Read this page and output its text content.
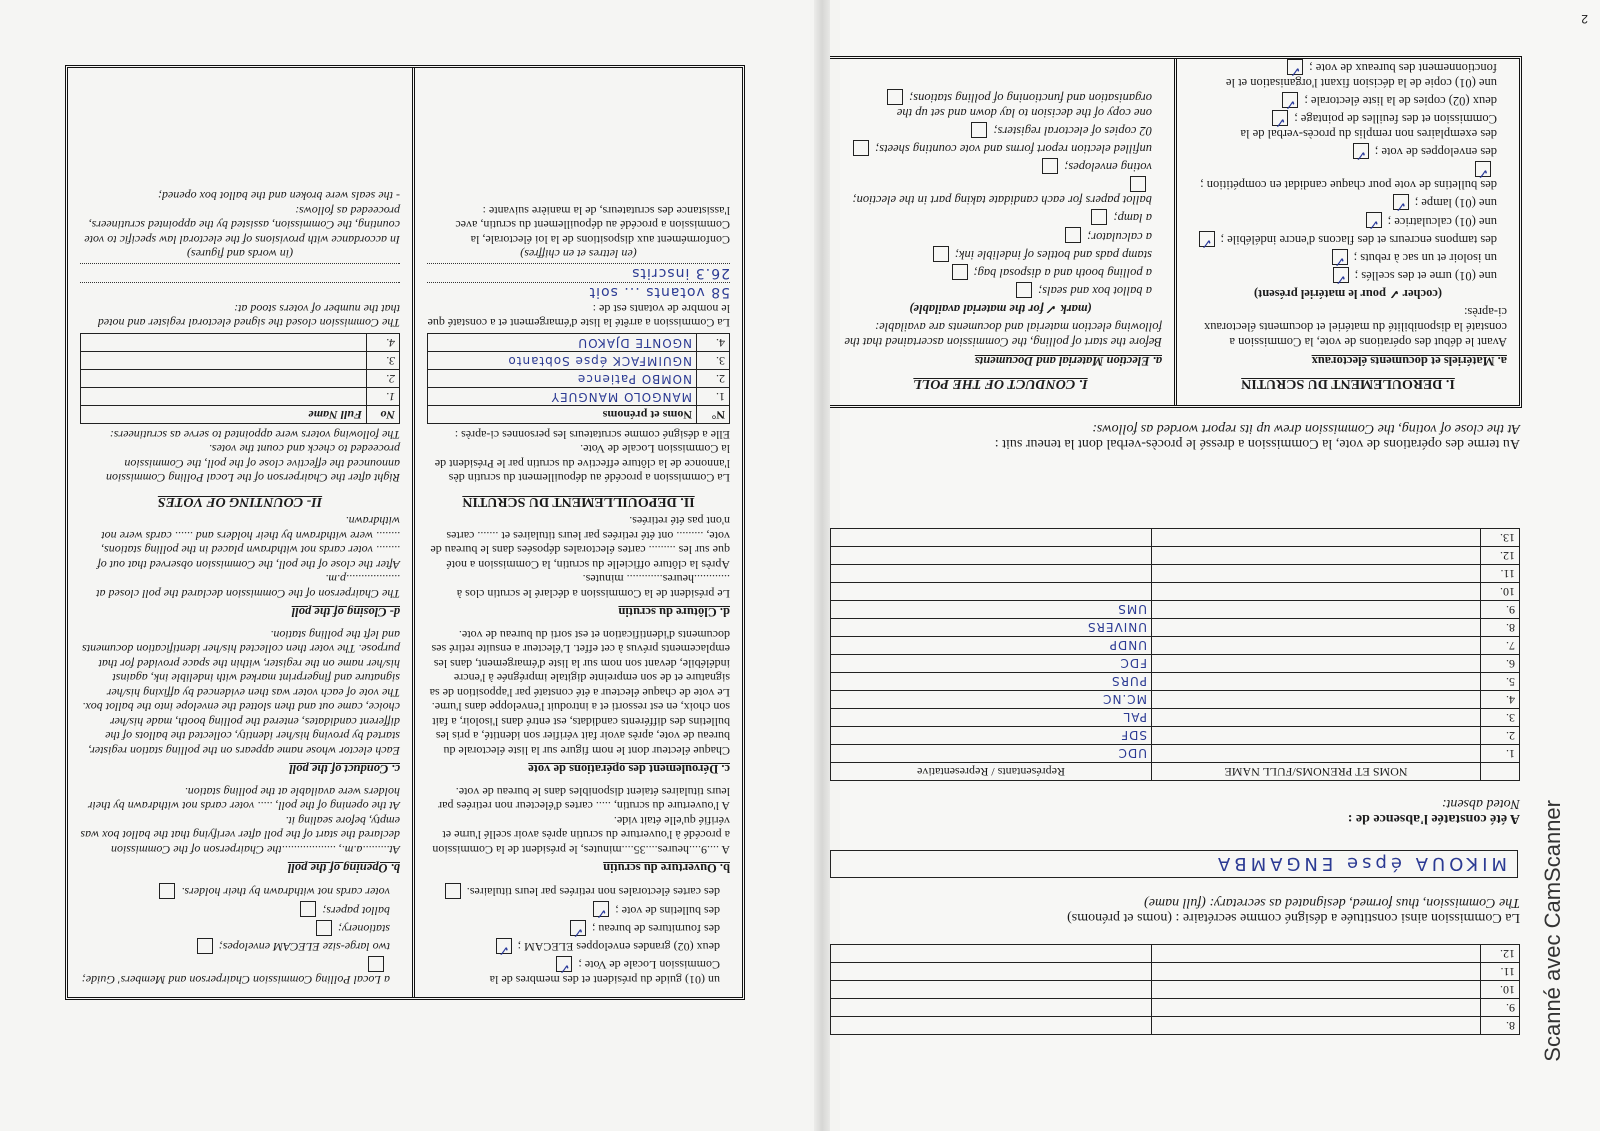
2
I. DEROULEMENT DU SCRUTIN
a. Matériels et documents électoraux
Avant le début des opérations de vote, la Commission a constaté la disponibilité du matériel et documents électoraux ci-après:
(cocher ✓ pour le matériel présent)
une (01) urne et des scellés ;✓
un isoloir et un sac à rebuts ;✓
des tampons encreurs et des flacons d'encre indélébile ;✓
une (01) calculatrice ;✓
une (01) lampe ;✓
des bulletins de vote pour chaque candidat en compétition ;✓
des enveloppes de vote ;✓
des exemplaires non remplis du procès-verbal de la Commission et des feuilles de pointage ;✓
deux (02) copies de la liste électorale ;✓
une (01) copie de la décision fixant l'organisation et le fonctionnement des bureaux de vote ;✓
I. CONDUCT OF THE POLL
a. Election Material and Documents
Before the start of polling, the Commission ascertained that the following election material and documents are available:
(mark ✓ for the material available)
a ballot box and seals;
a polling booth and a disposal bag;
stamp pads and bottles of indelible ink;
a calculator;
a lamp;
ballot papers for each candidate taking part in the election;
voting envelopes;
unfilled election report forms and vote counting sheets;
02 copies of electoral registers;
one copy of the decision to lay down and set up the organisation and functioning of polling stations;
Au terme des opérations de vote, la Commission a dressé le procès-verbal dont la teneur suit :
At the close of voting, the Commission drew up its report worded as follows:
	NOMS ET PRENOMS/FULL NAME	Représentants / Representative
1.		UDC
2.		SDF
3.		PAL
4.		MC.NC
5.		PURS
6.		FDC
7.		UNDP
8.		UNIVERS
9.		UMS
10.		
11.		
12.		
13.		
A été constatée l'absence de :
Noted absent:
MIKOUA épse ENGAMBA
La Commission ainsi constituée a désigné comme secrétaire : (noms et prénoms)
The Commission, thus formed, designated as secretary: (full name)
8.		
9.		
10.		
11.		
12.		
un (01) guide du président et des membres de la Commission Locale de Vote ;✓
deux (02) grandes enveloppes ELECAM ;✓
des fournitures de bureau ;✓
des bulletins de vote ;✓
des cartes électorales non retirées par leurs titulaires.
b. Ouverture du scrutin
A ....9....heures....35....minutes, le président de la Commission a procédé à l'ouverture du scrutin après avoir scellé l'urne et vérifié qu'elle était vide.
A l'ouverture du scrutin, ..... cartes d'électeur non retirées par leurs titulaires étaient disponibles dans le bureau de vote.
c. Déroulement des opérations de vote
Chaque électeur dont le nom figure sur la liste électorale du bureau de vote, après avoir fait vérifier son identité, a pris les bulletins des différents candidats, est entré dans l'isoloir, a fait son choix, en est ressorti et a introduit l'enveloppe dans l'urne.
Le vote de chaque électeur a été constaté par l'apposition de sa signature et de son empreinte digitale imprégnée à l'encre indélébile, devant son nom sur la liste d'émargement, dans les emplacements prévus à cet effet. L'électeur a ensuite retiré ses documents d'identification et est sorti du bureau de vote.
d. Clôture du scrutin
Le président de la Commission a déclaré le scrutin clos à ............heures............ minutes.
Après la clôture officielle du scrutin, la Commission a noté que sur les ......... cartes électorales déposées dans le bureau de vote, ......... ont été retirées par leurs titulaires et ....... cartes n'ont pas été retirées.
II. DEPOUILLEMENT DU SCRUTIN
La Commission a procédé au dépouillement du scrutin dès l'annonce de la clôture effective du scrutin par le Président de la Commission Locale de Vote.
Elle a désigné comme scrutateurs les personnes ci-après :
N°	Noms et prénoms
1.	MANGOLO MANGUEY
2.	NOMBO Patience
3.	NGUIMFACK épse Sobtanto
4.	NGONTE DJAKOU
La Commission a arrêté la liste d'émargement et a constaté que le nombre de votants est de :
58 votants ... soit
26.3 inscrits
(en lettres et en chiffres)
Conformément aux dispositions de la loi électorale, la Commission a procédé au dépouillement du scrutin, avec l'assistance des scrutateurs, de la manière suivante :
a Local Polling Commission Chairperson and Members' Guide;
two large-size ELECAM envelopes;
stationery;
ballot papers;
voter cards not withdrawn by their holders.
b. Opening of the poll
At.........a.m., ..................the Chairperson of the Commission declared the start of the poll after verifying that the ballot box was empty, before sealing it.
At the opening of the poll, ..... voter cards not withdrawn by their holders were available at the polling station.
c. Conduct of the poll
Each elector whose name appears on the polling station register, started by proving his/her identity, collected the ballots of the different candidates, entered the polling booth, made his/her choice, came out and then slotted the envelope into the ballot box.
The vote of each voter was then evidenced by affixing his/her signature and fingerprint marked with indelible ink, against his/her name on the register, within the space provided for that purpose. The voter then collected his/her identification documents and left the polling station.
d- Closing of the poll
The Chairperson of the Commission declared the poll closed at ..................p.m.
After the close of the poll, the Commission observed that out of ........ voter cards not withdrawn placed in the polling stations, ........ were withdrawn by their holders and ...... cards were not withdrawn.
II- COUNTING OF VOTES
Right after the Chairperson of the Local Polling Commission announced the effective close of the poll, the Commission proceeded to check and count the votes.
The following voters were appointed to serve as scrutineers:
No	Full Name
1.	
2.	
3.	
4.	
The Commission closed the signed electoral register and noted that the number of voters stood at:
(in words and figures)
In accordance with provisions of the electoral law specific to vote counting, the Commission, assisted by the appointed scrutineers, proceeded as follows:
- the seals were broken and the ballot box opened;
Scanné avec CamScanner
